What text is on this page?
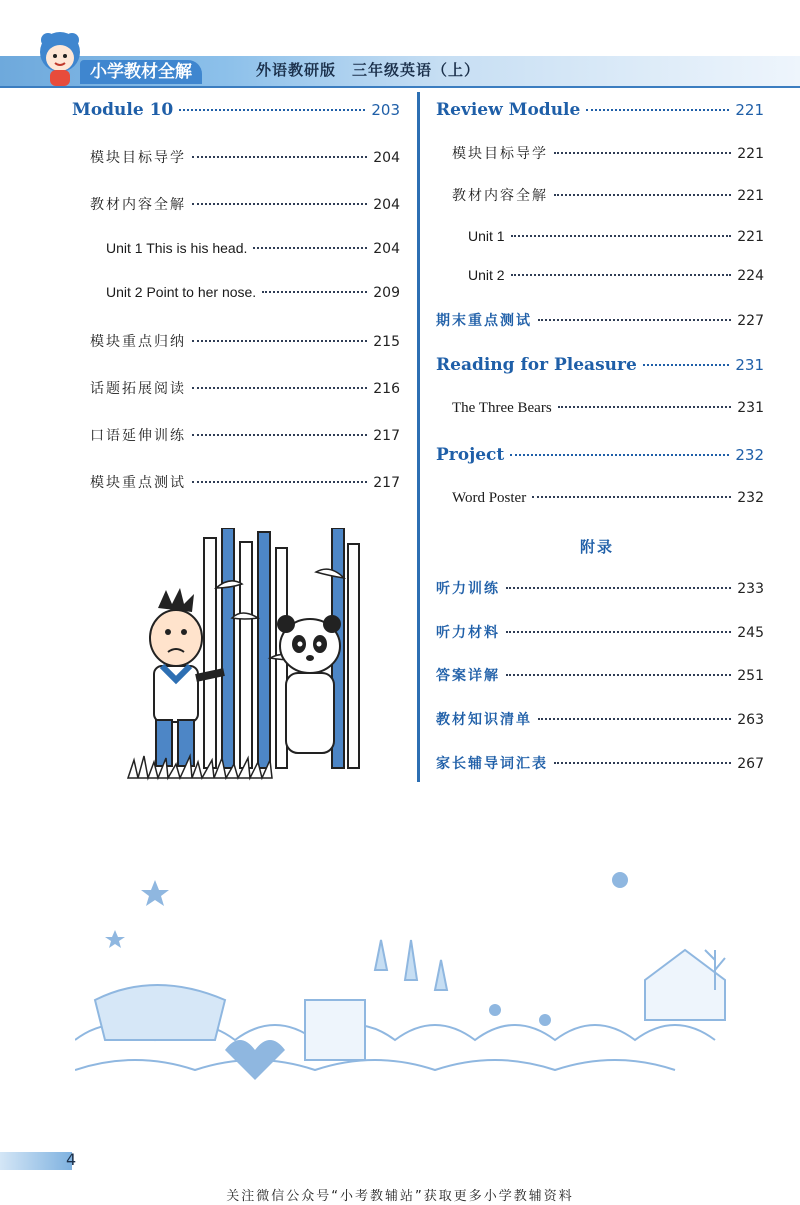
小学教材全解	外语教研版　三年级英语（上）
Module 10	203
模块目标导学	204
教材内容全解	204
Unit 1 This is his head.	204
Unit 2 Point to her nose.	209
模块重点归纳	215
话题拓展阅读	216
口语延伸训练	217
模块重点测试	217
Review Module	221
模块目标导学	221
教材内容全解	221
Unit 1	221
Unit 2	224
期末重点测试	227
Reading for Pleasure	231
The Three Bears	231
Project	232
Word Poster	232
附录
听力训练	233
听力材料	245
答案详解	251
教材知识清单	263
家长辅导词汇表	267
4
关注微信公众号“小考教辅站”获取更多小学教辅资料
